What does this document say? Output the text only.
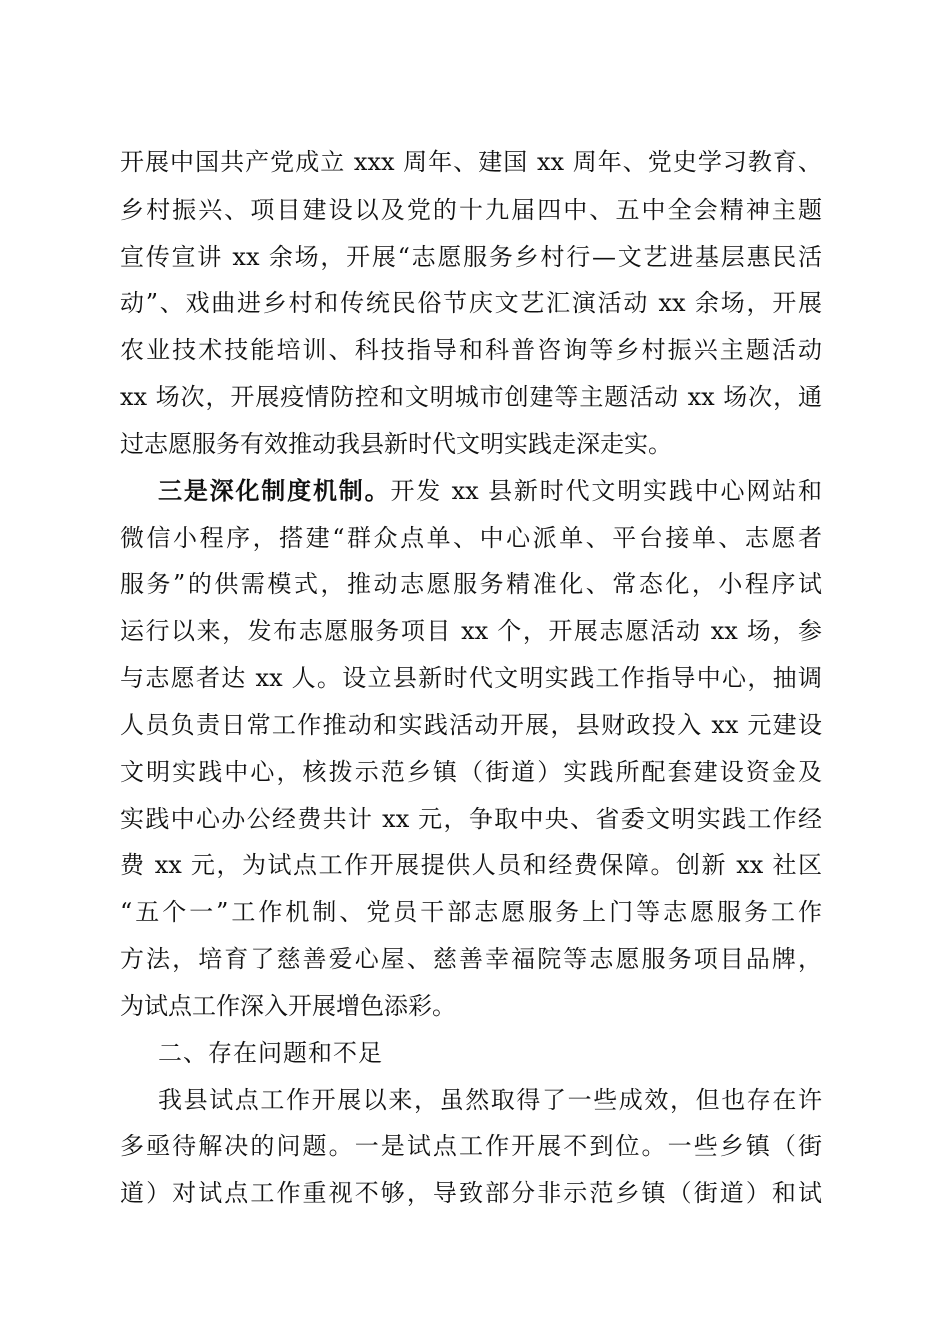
开展中国共产党成立 xxx 周年、建国 xx 周年、党史学习教育、
乡村振兴、项目建设以及党的十九届四中、五中全会精神主题
宣传宣讲 xx 余场，开展“志愿服务乡村行—文艺进基层惠民活
动”、戏曲进乡村和传统民俗节庆文艺汇演活动 xx 余场，开展
农业技术技能培训、科技指导和科普咨询等乡村振兴主题活动
xx 场次，开展疫情防控和文明城市创建等主题活动 xx 场次，通
过志愿服务有效推动我县新时代文明实践走深走实。
三是深化制度机制。开发 xx 县新时代文明实践中心网站和
微信小程序，搭建“群众点单、中心派单、平台接单、志愿者
服务”的供需模式，推动志愿服务精准化、常态化，小程序试
运行以来，发布志愿服务项目 xx 个，开展志愿活动 xx 场，参
与志愿者达 xx 人。设立县新时代文明实践工作指导中心，抽调
人员负责日常工作推动和实践活动开展，县财政投入 xx 元建设
文明实践中心，核拨示范乡镇（街道）实践所配套建设资金及
实践中心办公经费共计 xx 元，争取中央、省委文明实践工作经
费 xx 元，为试点工作开展提供人员和经费保障。创新 xx 社区
“五个一”工作机制、党员干部志愿服务上门等志愿服务工作
方法，培育了慈善爱心屋、慈善幸福院等志愿服务项目品牌，
为试点工作深入开展增色添彩。
二、存在问题和不足
我县试点工作开展以来，虽然取得了一些成效，但也存在许
多亟待解决的问题。一是试点工作开展不到位。一些乡镇（街
道）对试点工作重视不够，导致部分非示范乡镇（街道）和试
